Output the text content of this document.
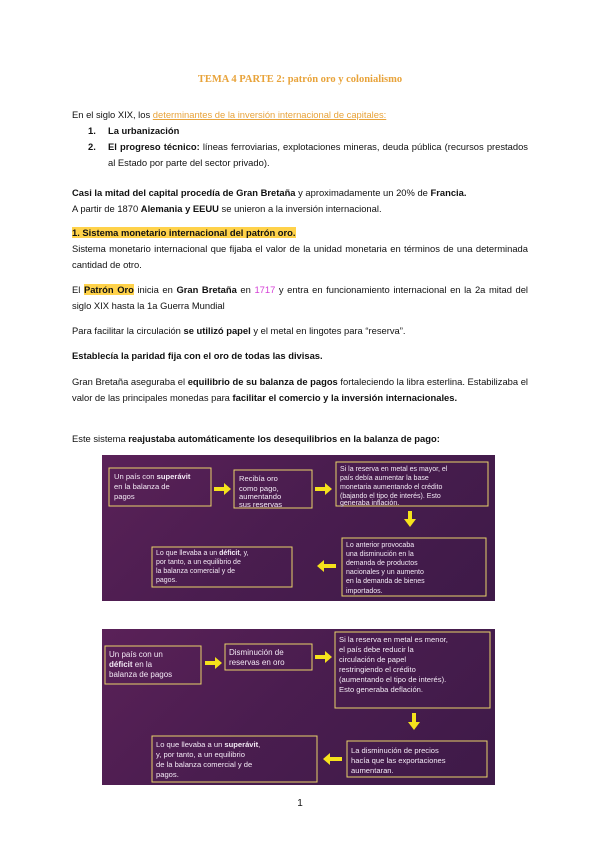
TEMA 4 PARTE 2: patrón oro y colonialismo
En el siglo XIX, los determinantes de la inversión internacional de capitales:
1. La urbanización
2. El progreso técnico: líneas ferroviarias, explotaciones mineras, deuda pública (recursos prestados al Estado por parte del sector privado).
Casi la mitad del capital procedía de Gran Bretaña y aproximadamente un 20% de Francia.
A partir de 1870 Alemania y EEUU se unieron a la inversión internacional.
1. Sistema monetario internacional del patrón oro.
Sistema monetario internacional que fijaba el valor de la unidad monetaria en términos de una determinada cantidad de otro.
El Patrón Oro inicia en Gran Bretaña en 1717 y entra en funcionamiento internacional en la 2a mitad del siglo XIX hasta la 1a Guerra Mundial
Para facilitar la circulación se utilizó papel y el metal en lingotes para “reserva”.
Establecía la paridad fija con el oro de todas las divisas.
Gran Bretaña aseguraba el equilibrio de su balanza de pagos fortaleciendo la libra esterlina. Estabilizaba el valor de las principales monedas para facilitar el comercio y la inversión internacionales.
Este sistema reajustaba automáticamente los desequilibrios en la balanza de pago:
Un país con superávit en la balanza de pagos
Recibía oro como pago, aumentando sus reservas
Si la reserva en metal es mayor, el país debía aumentar la base monetaria aumentando el crédito (bajando el tipo de interés). Esto generaba inflación.
Lo anterior provocaba una disminución en la demanda de productos nacionales y un aumento en la demanda de bienes importados.
Lo que llevaba a un déficit, y, por tanto, a un equilibrio de la balanza comercial y de pagos.
Un país con un déficit en la balanza de pagos
Disminución de reservas en oro
Si la reserva en metal es menor, el país debe reducir la circulación de papel restringiendo el crédito (aumentando el tipo de interés). Esto generaba deflación.
La disminución de precios hacía que las exportaciones aumentaran.
Lo que llevaba a un superávit, y, por tanto, a un equilibrio de la balanza comercial y de pagos.
1
